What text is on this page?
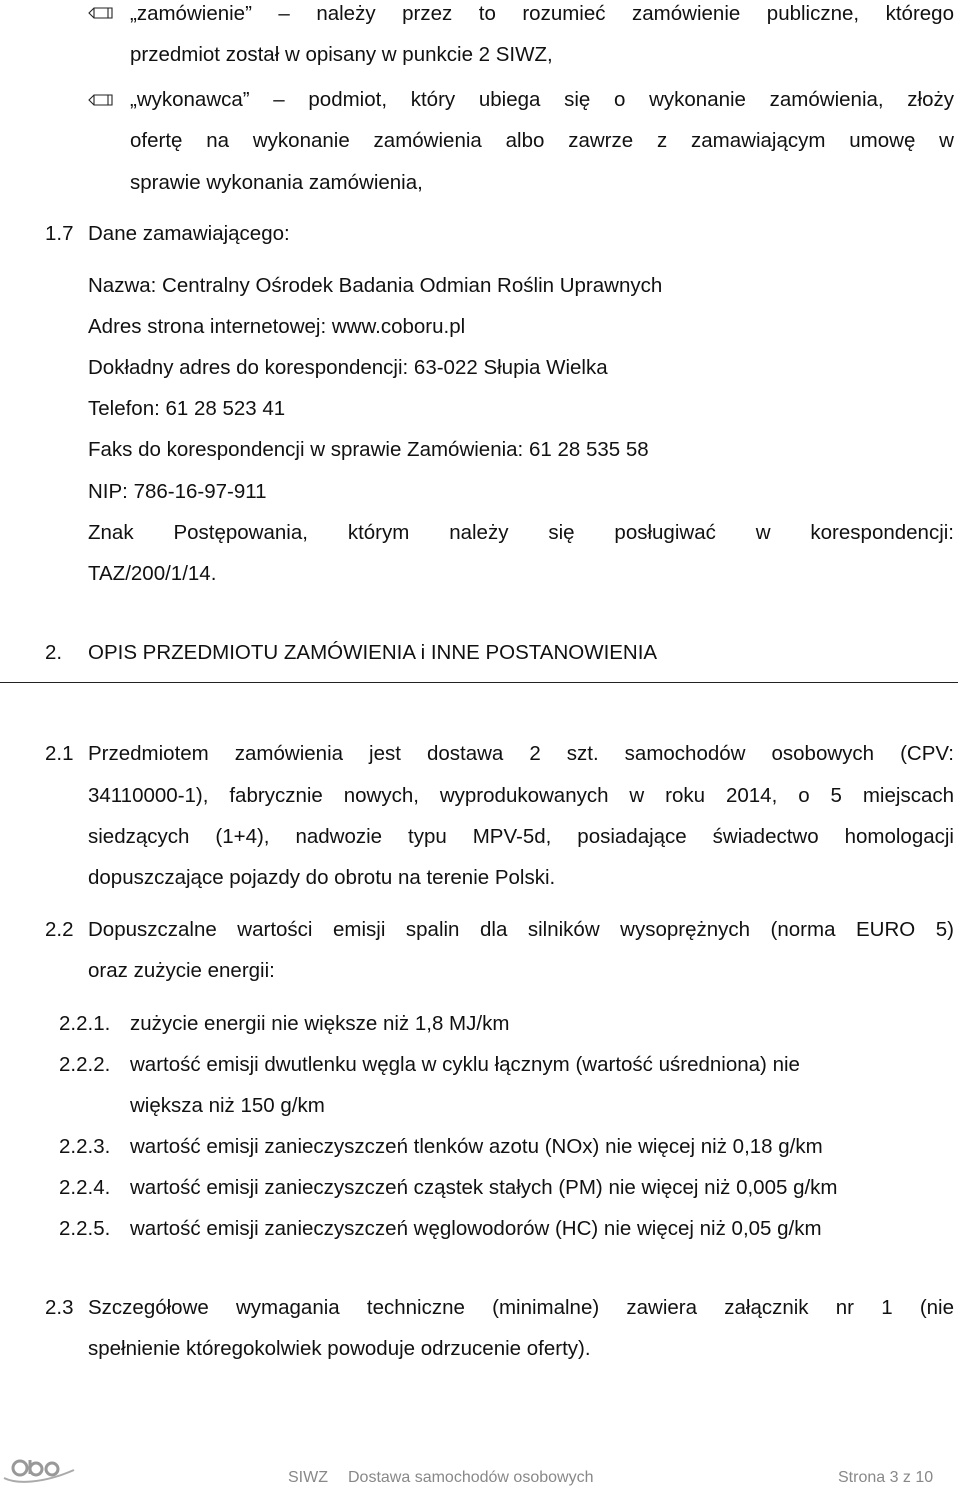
„zamówienie” – należy przez to rozumieć zamówienie publiczne, którego
przedmiot został w opisany w punkcie 2 SIWZ,
„wykonawca” – podmiot, który ubiega się o wykonanie zamówienia, złoży
ofertę na wykonanie zamówienia albo zawrze z zamawiającym umowę w
sprawie wykonania zamówienia,
1.7 Dane zamawiającego:
Nazwa: Centralny Ośrodek Badania Odmian Roślin Uprawnych
Adres strona internetowej: www.coboru.pl
Dokładny adres do korespondencji: 63-022 Słupia Wielka
Telefon: 61 28 523 41
Faks do korespondencji w sprawie Zamówienia: 61 28 535 58
NIP: 786-16-97-911
Znak Postępowania, którym należy się posługiwać w korespondencji:
TAZ/200/1/14.
2. OPIS PRZEDMIOTU ZAMÓWIENIA i INNE POSTANOWIENIA
2.1 Przedmiotem zamówienia jest dostawa 2 szt. samochodów osobowych (CPV:
34110000-1), fabrycznie nowych, wyprodukowanych w roku 2014, o 5 miejscach
siedzących (1+4), nadwozie typu MPV-5d, posiadające świadectwo homologacji
dopuszczające pojazdy do obrotu na terenie Polski.
2.2 Dopuszczalne wartości emisji spalin dla silników wysoprężnych (norma EURO 5)
oraz zużycie energii:
2.2.1. zużycie energii nie większe niż 1,8 MJ/km
2.2.2. wartość emisji dwutlenku węgla w cyklu łącznym (wartość uśredniona) nie
większa niż 150 g/km
2.2.3. wartość emisji zanieczyszczeń tlenków azotu (NOx) nie więcej niż 0,18 g/km
2.2.4. wartość emisji zanieczyszczeń cząstek stałych (PM) nie więcej niż 0,005 g/km
2.2.5. wartość emisji zanieczyszczeń węglowodorów (HC) nie więcej niż 0,05 g/km
2.3 Szczegółowe wymagania techniczne (minimalne) zawiera załącznik nr 1 (nie
spełnienie któregokolwiek powoduje odrzucenie oferty).
SIWZ Dostawa samochodów osobowych	Strona 3 z 10
